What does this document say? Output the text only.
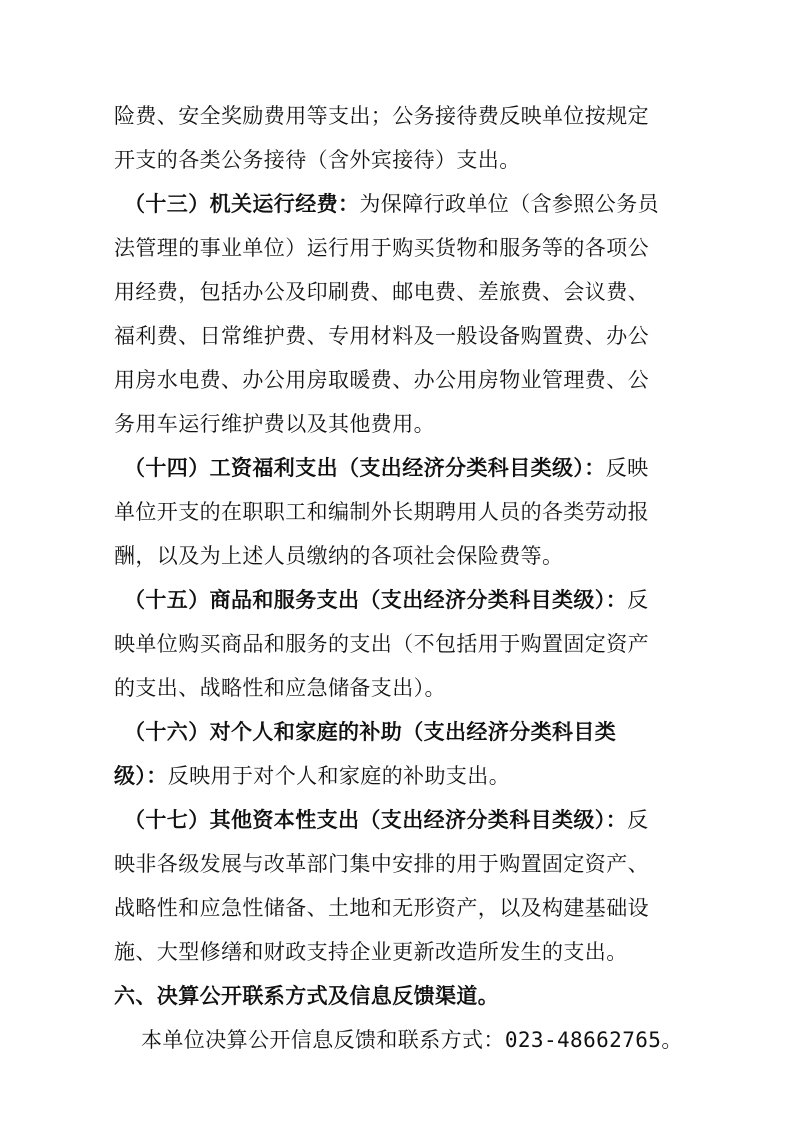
险费、安全奖励费用等支出；公务接待费反映单位按规定
开支的各类公务接待（含外宾接待）支出。
（十三）机关运行经费：为保障行政单位（含参照公务员
法管理的事业单位）运行用于购买货物和服务等的各项公
用经费，包括办公及印刷费、邮电费、差旅费、会议费、
福利费、日常维护费、专用材料及一般设备购置费、办公
用房水电费、办公用房取暖费、办公用房物业管理费、公
务用车运行维护费以及其他费用。
（十四）工资福利支出（支出经济分类科目类级）：反映
单位开支的在职职工和编制外长期聘用人员的各类劳动报
酬，以及为上述人员缴纳的各项社会保险费等。
（十五）商品和服务支出（支出经济分类科目类级）：反
映单位购买商品和服务的支出（不包括用于购置固定资产
的支出、战略性和应急储备支出）。
（十六）对个人和家庭的补助（支出经济分类科目类
级）：反映用于对个人和家庭的补助支出。
（十七）其他资本性支出（支出经济分类科目类级）：反
映非各级发展与改革部门集中安排的用于购置固定资产、
战略性和应急性储备、土地和无形资产，以及构建基础设
施、大型修缮和财政支持企业更新改造所发生的支出。
六、决算公开联系方式及信息反馈渠道。
本单位决算公开信息反馈和联系方式：023-48662765。
